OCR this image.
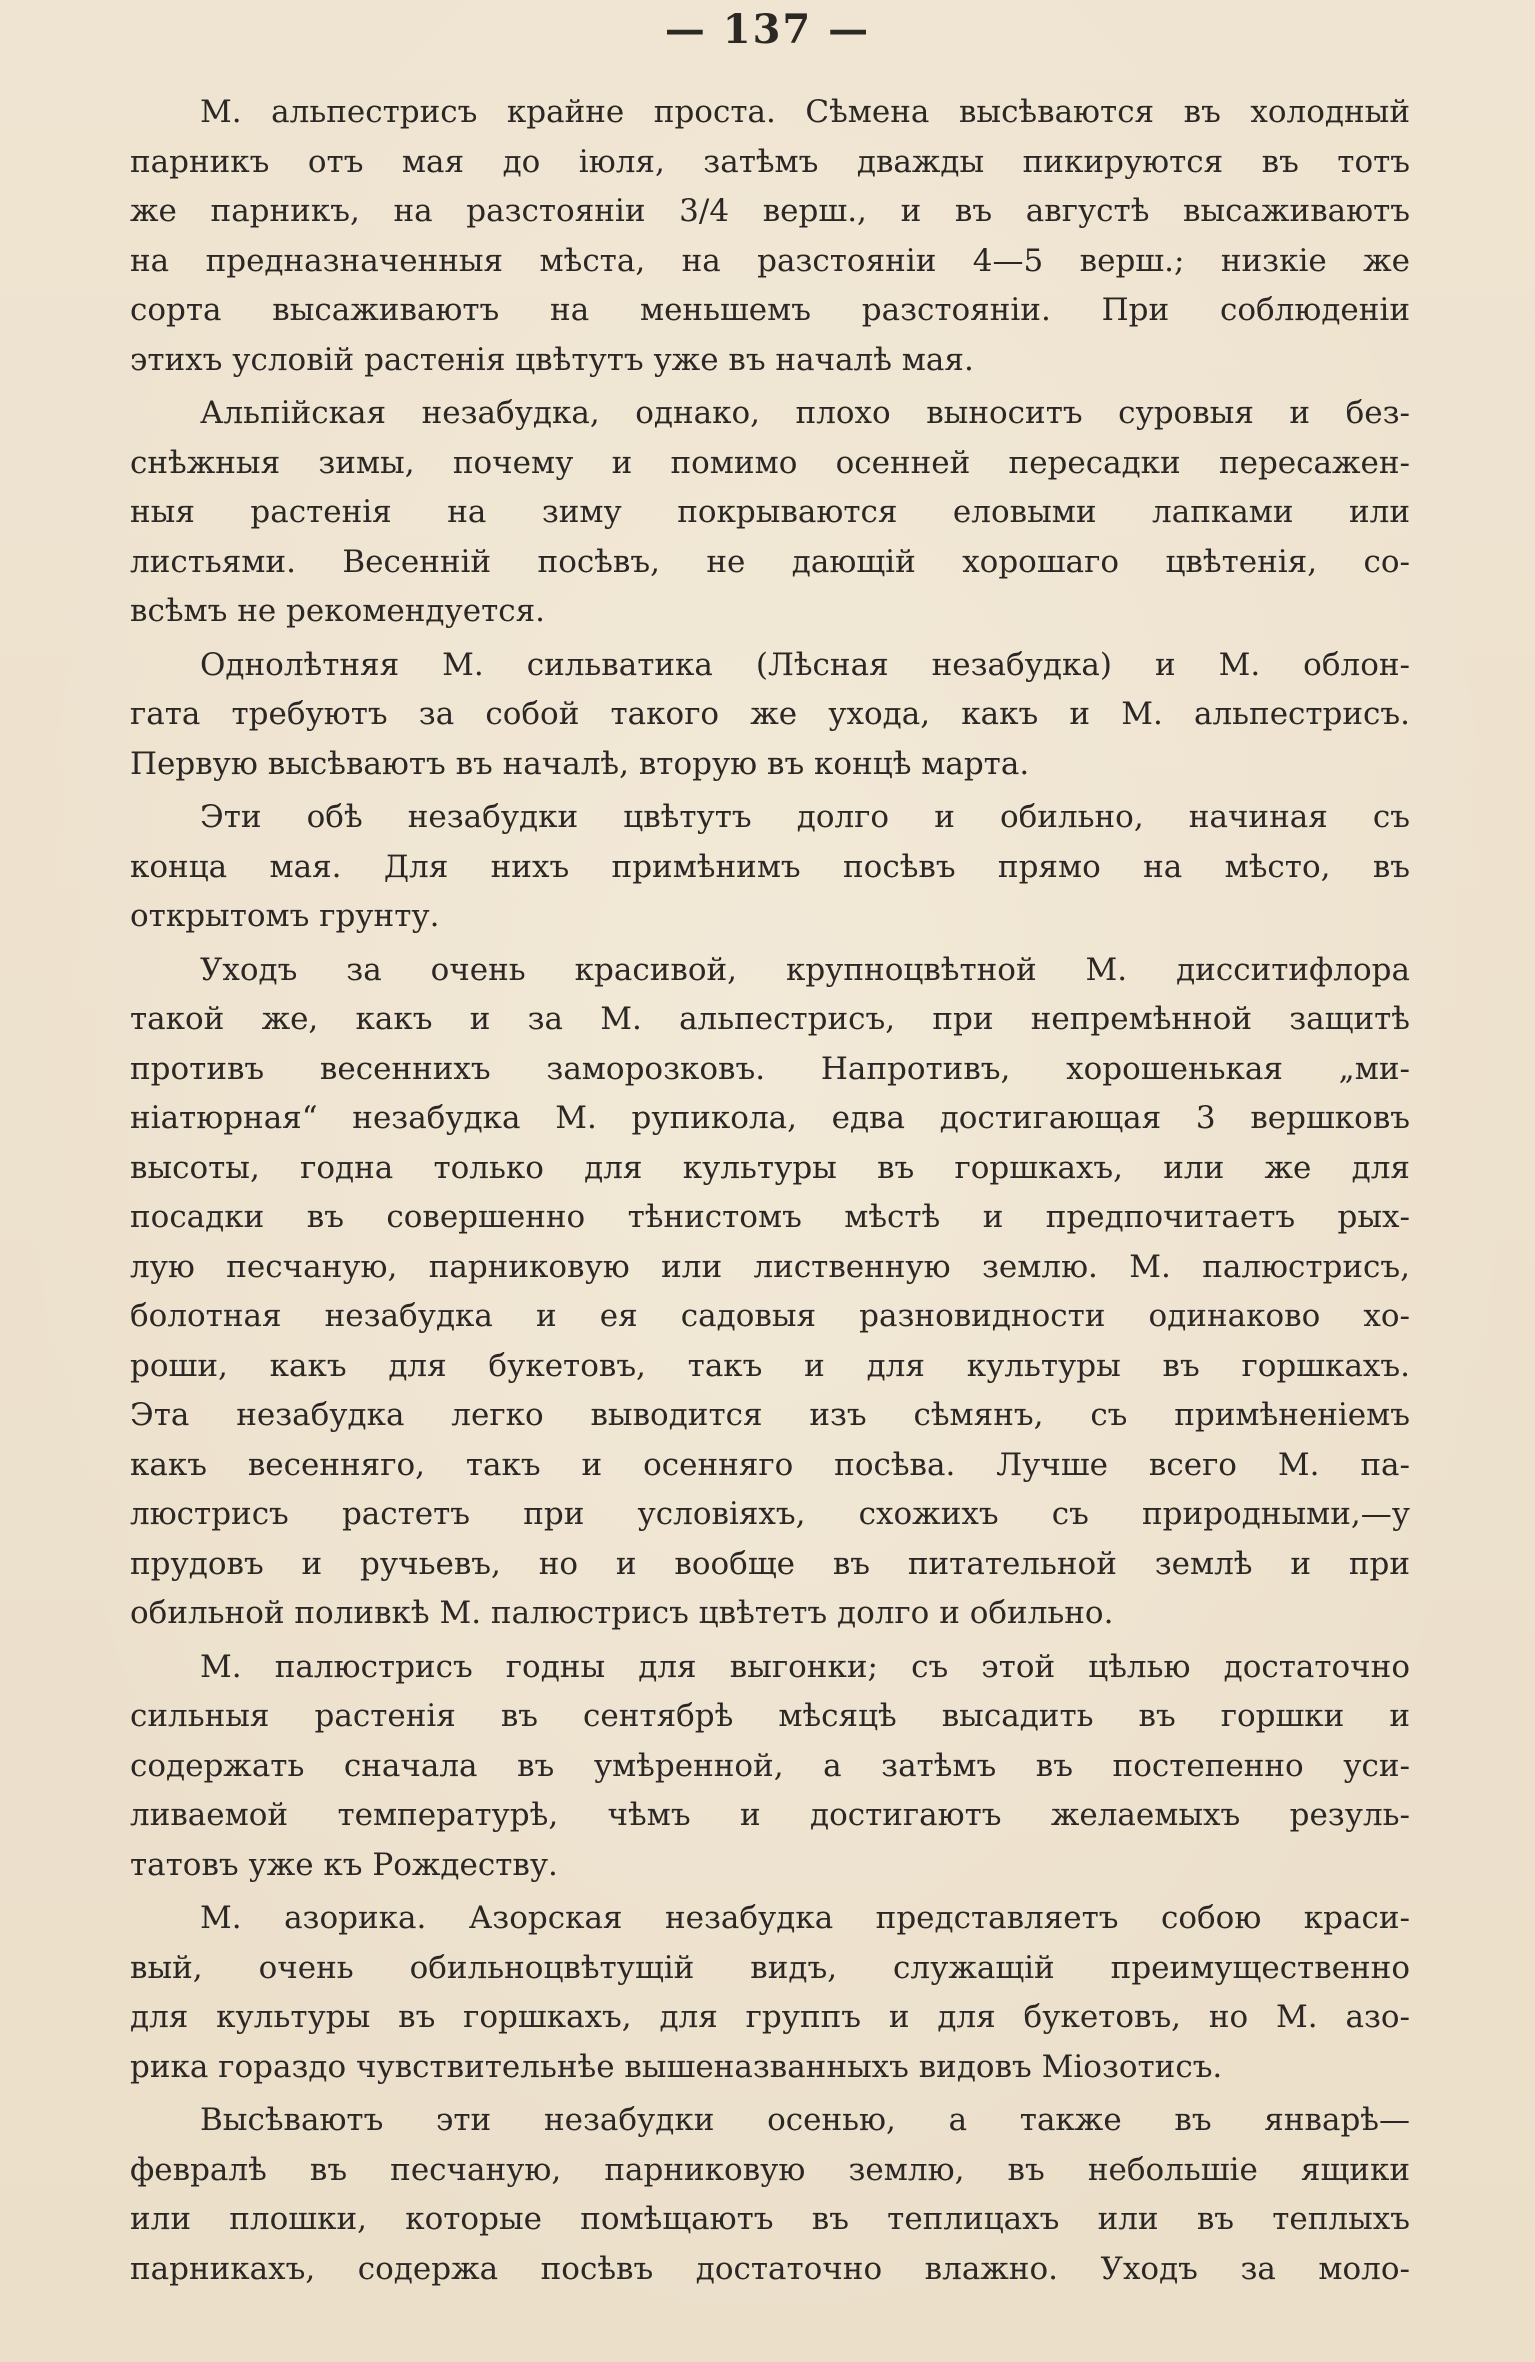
— 137 —
М. альпестрисъ крайне проста. Сѣмена высѣваются въ холодный
парникъ отъ мая до іюля, затѣмъ дважды пикируются въ тотъ
же парникъ, на разстояніи 3/4 верш., и въ августѣ высаживаютъ
на предназначенныя мѣста, на разстояніи 4—5 верш.; низкіе же
сорта высаживаютъ на меньшемъ разстояніи. При соблюденіи
этихъ условій растенія цвѣтутъ уже въ началѣ мая.
Альпійская незабудка, однако, плохо выноситъ суровыя и без-
снѣжныя зимы, почему и помимо осенней пересадки пересажен-
ныя растенія на зиму покрываются еловыми лапками или
листьями. Весенній посѣвъ, не дающій хорошаго цвѣтенія, со-
всѣмъ не рекомендуется.
Однолѣтняя М. сильватика (Лѣсная незабудка) и М. облон-
гата требуютъ за собой такого же ухода, какъ и М. альпестрисъ.
Первую высѣваютъ въ началѣ, вторую въ концѣ марта.
Эти обѣ незабудки цвѣтутъ долго и обильно, начиная съ
конца мая. Для нихъ примѣнимъ посѣвъ прямо на мѣсто, въ
открытомъ грунту.
Уходъ за очень красивой, крупноцвѣтной М. дисситифлора
такой же, какъ и за М. альпестрисъ, при непремѣнной защитѣ
противъ весеннихъ заморозковъ. Напротивъ, хорошенькая „ми-
ніатюрная“ незабудка М. рупикола, едва достигающая 3 вершковъ
высоты, годна только для культуры въ горшкахъ, или же для
посадки въ совершенно тѣнистомъ мѣстѣ и предпочитаетъ рых-
лую песчаную, парниковую или лиственную землю. М. палюстрисъ,
болотная незабудка и ея садовыя разновидности одинаково хо-
роши, какъ для букетовъ, такъ и для культуры въ горшкахъ.
Эта незабудка легко выводится изъ сѣмянъ, съ примѣненіемъ
какъ весенняго, такъ и осенняго посѣва. Лучше всего М. па-
люстрисъ растетъ при условіяхъ, схожихъ съ природными,—у
прудовъ и ручьевъ, но и вообще въ питательной землѣ и при
обильной поливкѣ М. палюстрисъ цвѣтетъ долго и обильно.
М. палюстрисъ годны для выгонки; съ этой цѣлью достаточно
сильныя растенія въ сентябрѣ мѣсяцѣ высадить въ горшки и
содержать сначала въ умѣренной, а затѣмъ въ постепенно уси-
ливаемой температурѣ, чѣмъ и достигаютъ желаемыхъ резуль-
татовъ уже къ Рождеству.
М. азорика. Азорская незабудка представляетъ собою краси-
вый, очень обильноцвѣтущій видъ, служащій преимущественно
для культуры въ горшкахъ, для группъ и для букетовъ, но М. азо-
рика гораздо чувствительнѣе вышеназванныхъ видовъ Міозотисъ.
Высѣваютъ эти незабудки осенью, а также въ январѣ—
февралѣ въ песчаную, парниковую землю, въ небольшіе ящики
или плошки, которые помѣщаютъ въ теплицахъ или въ теплыхъ
парникахъ, содержа посѣвъ достаточно влажно. Уходъ за моло-
